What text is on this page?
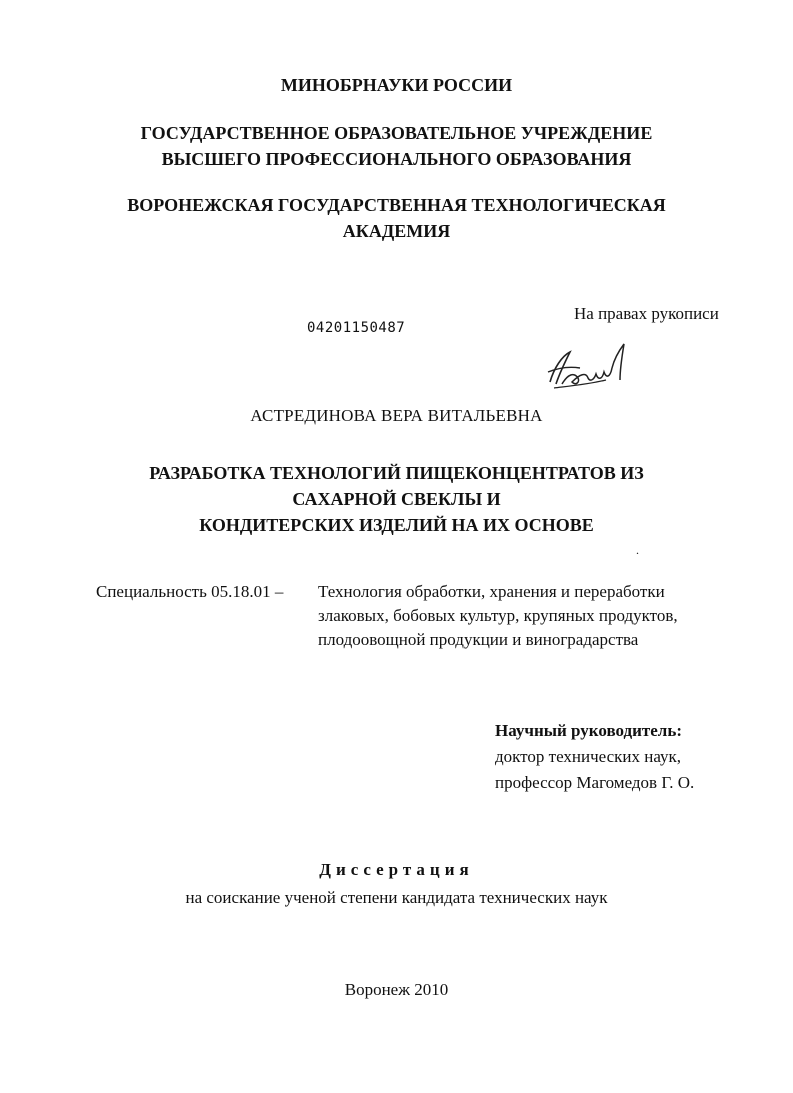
МИНОБРНАУКИ РОССИИ
ГОСУДАРСТВЕННОЕ ОБРАЗОВАТЕЛЬНОЕ УЧРЕЖДЕНИЕ
ВЫСШЕГО ПРОФЕССИОНАЛЬНОГО ОБРАЗОВАНИЯ
ВОРОНЕЖСКАЯ ГОСУДАРСТВЕННАЯ ТЕХНОЛОГИЧЕСКАЯ
АКАДЕМИЯ
На правах рукописи
04201150487
АСТРЕДИНОВА ВЕРА ВИТАЛЬЕВНА
РАЗРАБОТКА ТЕХНОЛОГИЙ ПИЩЕКОНЦЕНТРАТОВ ИЗ
САХАРНОЙ СВЕКЛЫ И
КОНДИТЕРСКИХ ИЗДЕЛИЙ НА ИХ ОСНОВЕ
.
Специальность 05.18.01 – Технология обработки, хранения и переработки
злаковых, бобовых культур, крупяных продуктов,
плодоовощной продукции и виноградарства
Научный руководитель:
доктор технических наук,
профессор Магомедов Г. О.
Диссертация
на соискание ученой степени кандидата технических наук
Воронеж 2010
